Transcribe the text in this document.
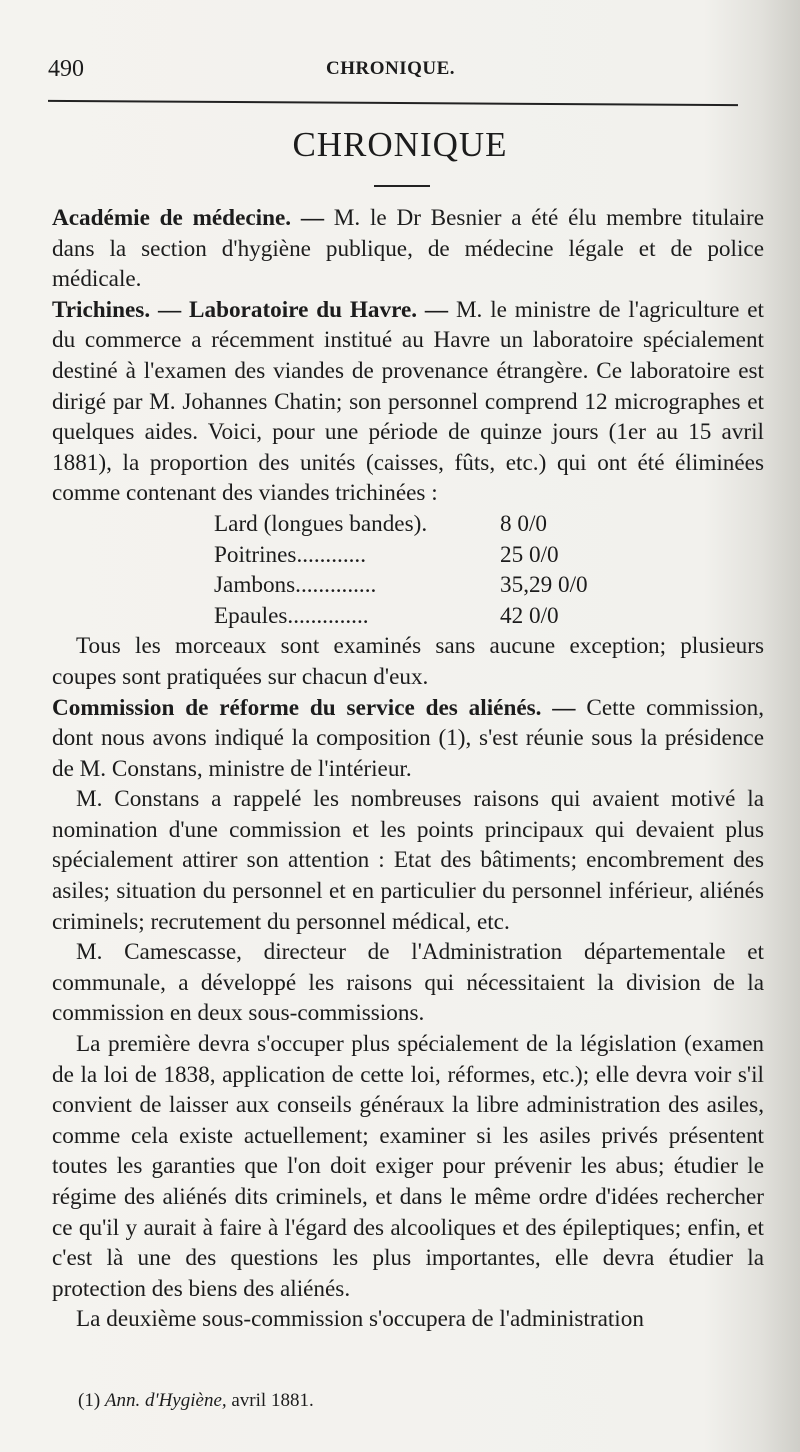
490	CHRONIQUE.
CHRONIQUE

Académie de médecine. — M. le Dr Besnier a été élu membre titulaire dans la section d'hygiène publique, de médecine légale et de police médicale.

Trichines. — Laboratoire du Havre. — M. le ministre de l'agriculture et du commerce a récemment institué au Havre un laboratoire spécialement destiné à l'examen des viandes de provenance étrangère. Ce laboratoire est dirigé par M. Johannes Chatin; son personnel comprend 12 micrographes et quelques aides. Voici, pour une période de quinze jours (1er au 15 avril 1881), la proportion des unités (caisses, fûts, etc.) qui ont été éliminées comme contenant des viandes trichinées :

Lard (longues bandes).	8 0/0
Poitrines............	25 0/0
Jambons..............	35,29 0/0
Epaules..............	42 0/0

Tous les morceaux sont examinés sans aucune exception; plusieurs coupes sont pratiquées sur chacun d'eux.

Commission de réforme du service des aliénés. — Cette commission, dont nous avons indiqué la composition (1), s'est réunie sous la présidence de M. Constans, ministre de l'intérieur.

M. Constans a rappelé les nombreuses raisons qui avaient motivé la nomination d'une commission et les points principaux qui devaient plus spécialement attirer son attention : Etat des bâtiments; encombrement des asiles; situation du personnel et en particulier du personnel inférieur, aliénés criminels; recrutement du personnel médical, etc.

M. Camescasse, directeur de l'Administration départementale et communale, a développé les raisons qui nécessitaient la division de la commission en deux sous-commissions.

La première devra s'occuper plus spécialement de la législation (examen de la loi de 1838, application de cette loi, réformes, etc.); elle devra voir s'il convient de laisser aux conseils généraux la libre administration des asiles, comme cela existe actuellement; examiner si les asiles privés présentent toutes les garanties que l'on doit exiger pour prévenir les abus; étudier le régime des aliénés dits criminels, et dans le même ordre d'idées rechercher ce qu'il y aurait à faire à l'égard des alcooliques et des épileptiques; enfin, et c'est là une des questions les plus importantes, elle devra étudier la protection des biens des aliénés.

La deuxième sous-commission s'occupera de l'administration

(1) Ann. d'Hygiène, avril 1881.
